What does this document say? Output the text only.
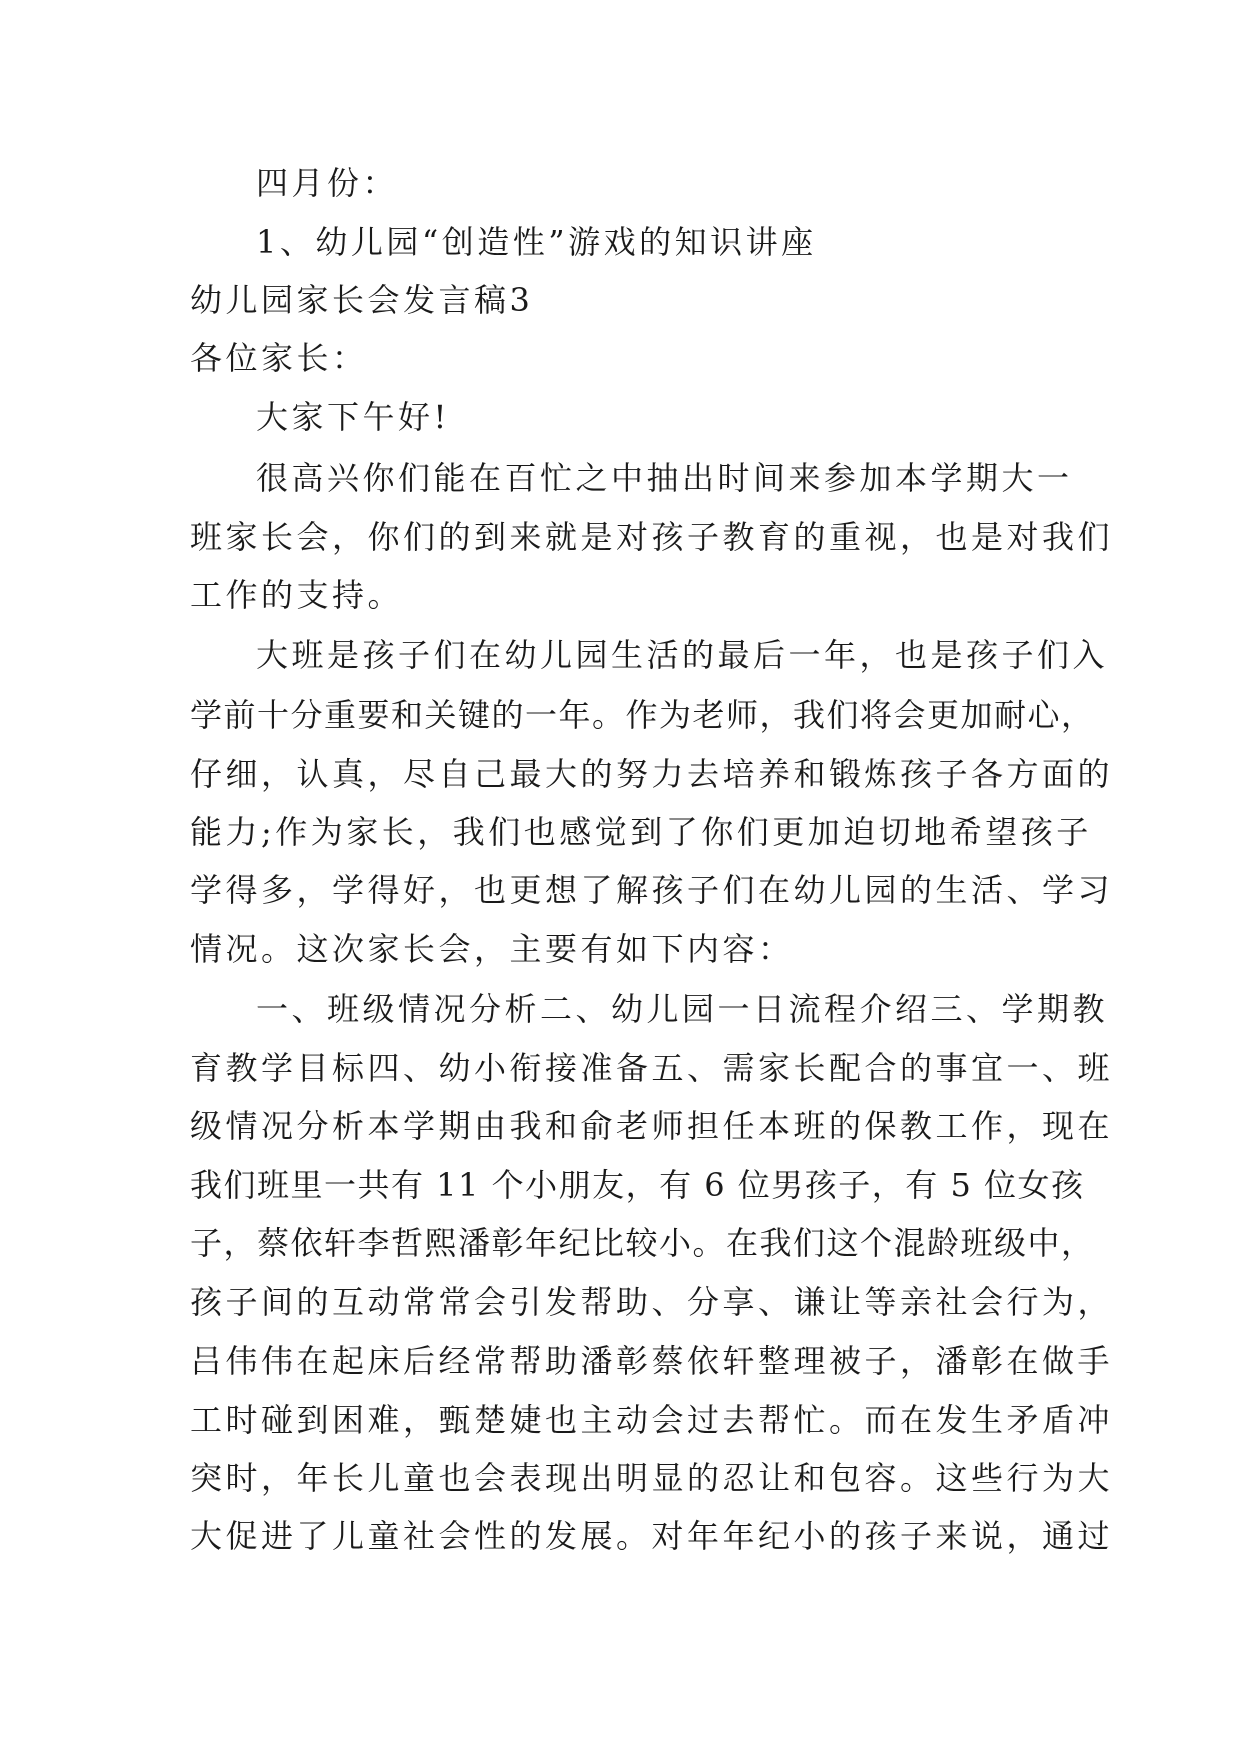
四月份：
1、幼儿园“创造性”游戏的知识讲座
幼儿园家长会发言稿3
各位家长：
大家下午好!
很高兴你们能在百忙之中抽出时间来参加本学期大一
班家长会，你们的到来就是对孩子教育的重视，也是对我们
工作的支持。
大班是孩子们在幼儿园生活的最后一年，也是孩子们入
学前十分重要和关键的一年。作为老师，我们将会更加耐心，
仔细，认真，尽自己最大的努力去培养和锻炼孩子各方面的
能力;作为家长，我们也感觉到了你们更加迫切地希望孩子
学得多，学得好，也更想了解孩子们在幼儿园的生活、学习
情况。这次家长会，主要有如下内容：
一、班级情况分析二、幼儿园一日流程介绍三、学期教
育教学目标四、幼小衔接准备五、需家长配合的事宜一、班
级情况分析本学期由我和俞老师担任本班的保教工作，现在
我们班里一共有 11 个小朋友，有 6 位男孩子，有 5 位女孩
子，蔡依轩李哲熙潘彰年纪比较小。在我们这个混龄班级中，
孩子间的互动常常会引发帮助、分享、谦让等亲社会行为，
吕伟伟在起床后经常帮助潘彰蔡依轩整理被子，潘彰在做手
工时碰到困难，甄楚婕也主动会过去帮忙。而在发生矛盾冲
突时，年长儿童也会表现出明显的忍让和包容。这些行为大
大促进了儿童社会性的发展。对年年纪小的孩子来说，通过
